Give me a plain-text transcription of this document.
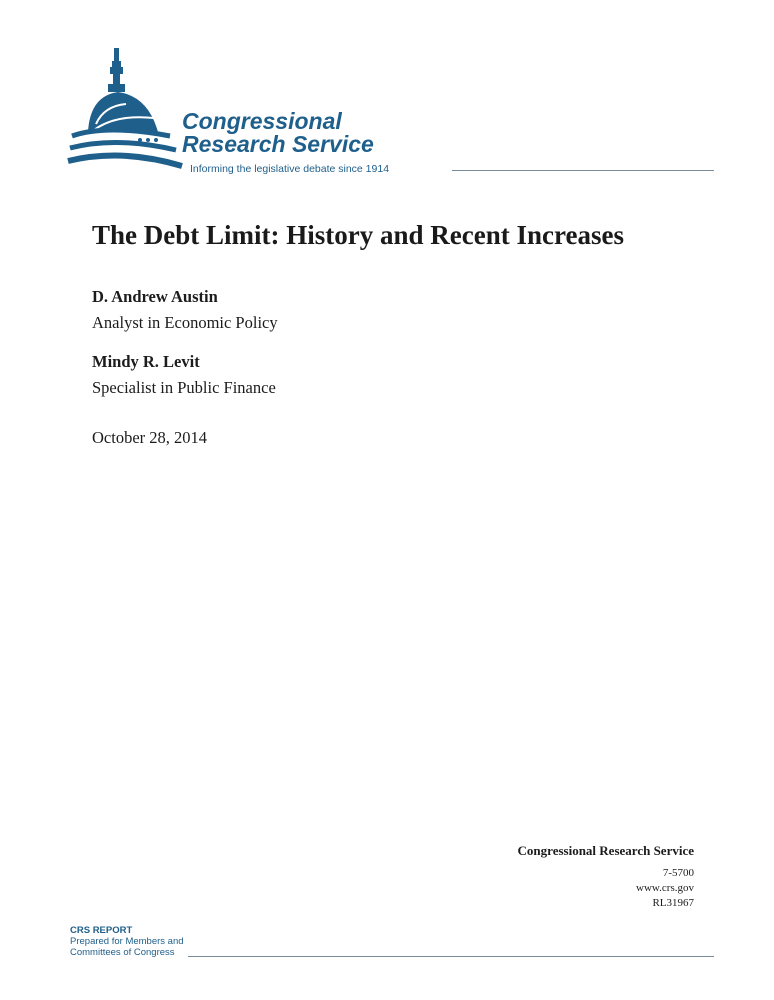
Congressional
Research Service
Informing the legislative debate since 1914
The Debt Limit: History and Recent Increases
D. Andrew Austin
Analyst in Economic Policy
Mindy R. Levit
Specialist in Public Finance
October 28, 2014
Congressional Research Service
7-5700
www.crs.gov
RL31967
CRS REPORT
Prepared for Members and
Committees of Congress
